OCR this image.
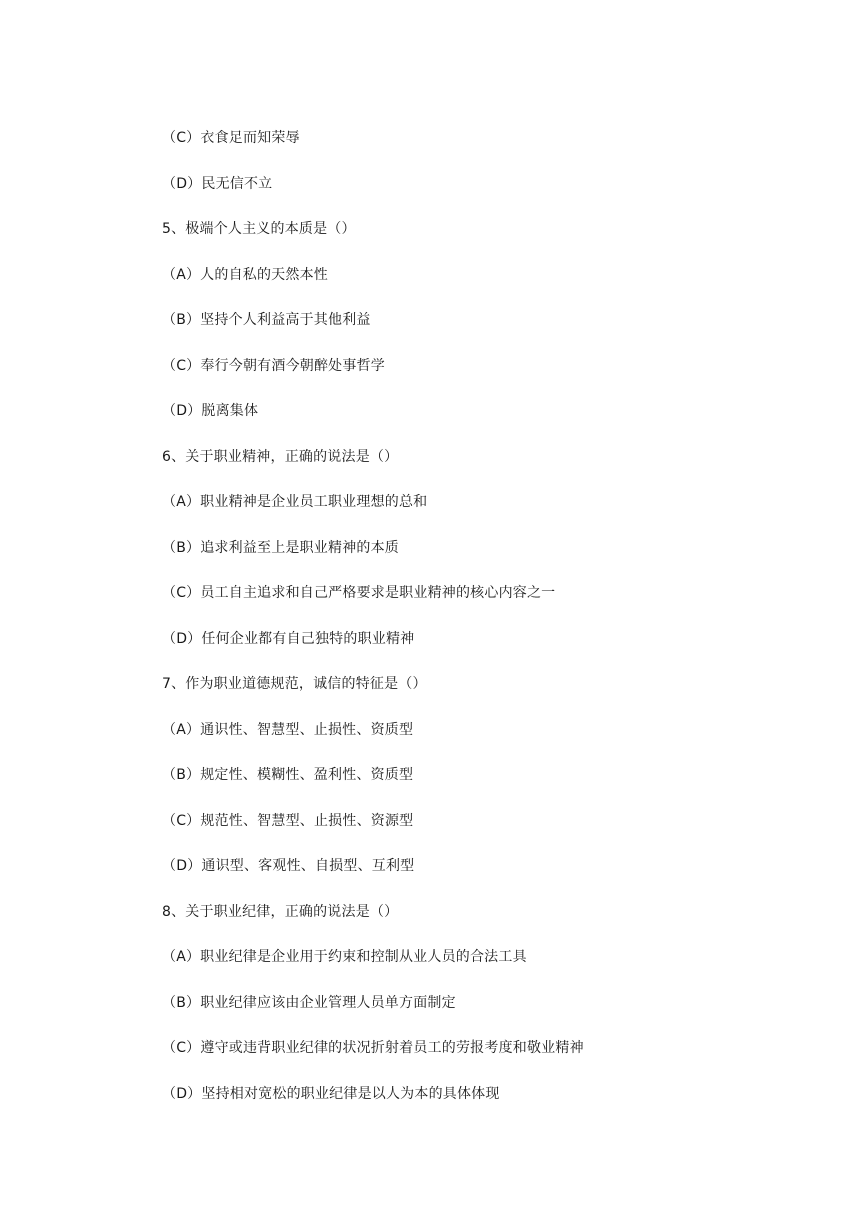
（C）衣食足而知荣辱
（D）民无信不立
5、极端个人主义的本质是（）
（A）人的自私的天然本性
（B）坚持个人利益高于其他利益
（C）奉行今朝有酒今朝醉处事哲学
（D）脱离集体
6、关于职业精神，正确的说法是（）
（A）职业精神是企业员工职业理想的总和
（B）追求利益至上是职业精神的本质
（C）员工自主追求和自己严格要求是职业精神的核心内容之一
（D）任何企业都有自己独特的职业精神
7、作为职业道德规范，诚信的特征是（）
（A）通识性、智慧型、止损性、资质型
（B）规定性、模糊性、盈利性、资质型
（C）规范性、智慧型、止损性、资源型
（D）通识型、客观性、自损型、互利型
8、关于职业纪律，正确的说法是（）
（A）职业纪律是企业用于约束和控制从业人员的合法工具
（B）职业纪律应该由企业管理人员单方面制定
（C）遵守或违背职业纪律的状况折射着员工的劳报考度和敬业精神
（D）坚持相对宽松的职业纪律是以人为本的具体体现
